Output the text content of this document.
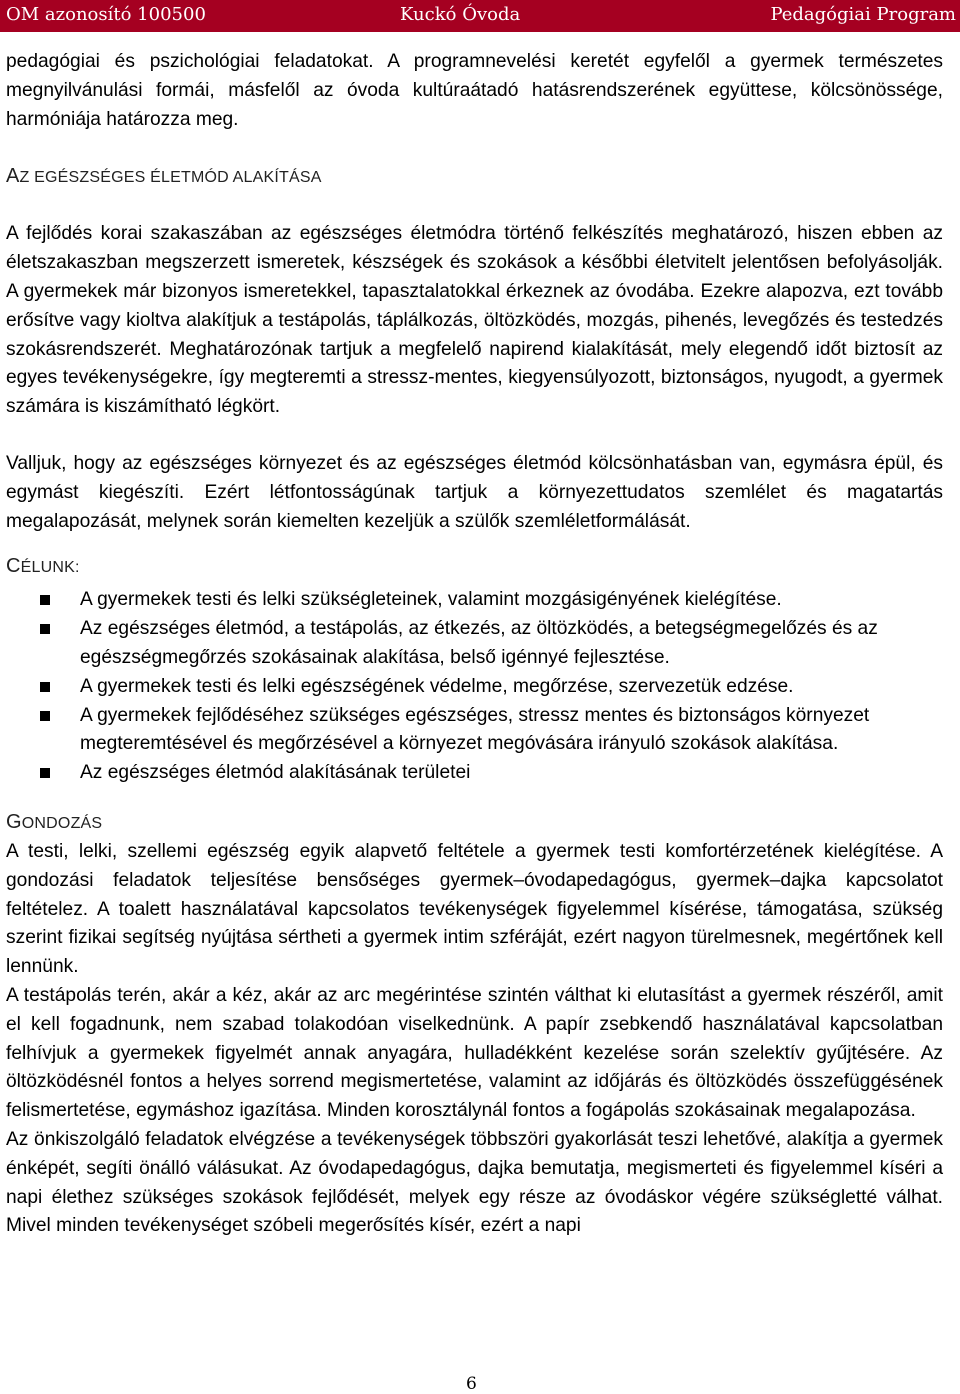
OM azonosító 100500	Kuckó Óvoda	Pedagógiai Program

pedagógiai és pszichológiai feladatokat. A programnevelési keretét egyfelől a gyermek természetes megnyilvánulási formái, másfelől az óvoda kultúraátadó hatásrendszerének együttese, kölcsönössége, harmóniája határozza meg.

AZ EGÉSZSÉGES ÉLETMÓD ALAKÍTÁSA

A fejlődés korai szakaszában az egészséges életmódra történő felkészítés meghatározó, hiszen ebben az életszakaszban megszerzett ismeretek, készségek és szokások a későbbi életvitelt jelentősen befolyásolják. A gyermekek már bizonyos ismeretekkel, tapasztalatokkal érkeznek az óvodába. Ezekre alapozva, ezt tovább erősítve vagy kioltva alakítjuk a testápolás, táplálkozás, öltözködés, mozgás, pihenés, levegőzés és testedzés szokásrendszerét. Meghatározónak tartjuk a megfelelő napirend kialakítását, mely elegendő időt biztosít az egyes tevékenységekre, így megteremti a stressz-mentes, kiegyensúlyozott, biztonságos, nyugodt, a gyermek számára is kiszámítható légkört.

Valljuk, hogy az egészséges környezet és az egészséges életmód kölcsönhatásban van, egymásra épül, és egymást kiegészíti. Ezért létfontosságúnak tartjuk a környezettudatos szemlélet és magatartás megalapozását, melynek során kiemelten kezeljük a szülők szemléletformálását.

CÉLUNK:

A gyermekek testi és lelki szükségleteinek, valamint mozgásigényének kielégítése.
Az egészséges életmód, a testápolás, az étkezés, az öltözködés, a betegségmegelőzés és az egészségmegőrzés szokásainak alakítása, belső igénnyé fejlesztése.
A gyermekek testi és lelki egészségének védelme, megőrzése, szervezetük edzése.
A gyermekek fejlődéséhez szükséges egészséges, stressz mentes és biztonságos környezet megteremtésével és megőrzésével a környezet megóvására irányuló szokások alakítása.
Az egészséges életmód alakításának területei

GONDOZÁS

A testi, lelki, szellemi egészség egyik alapvető feltétele a gyermek testi komfortérzetének kielégítése. A gondozási feladatok teljesítése bensőséges gyermek–óvodapedagógus, gyermek–dajka kapcsolatot feltételez. A toalett használatával kapcsolatos tevékenységek figyelemmel kísérése, támogatása, szükség szerint fizikai segítség nyújtása sértheti a gyermek intim szféráját, ezért nagyon türelmesnek, megértőnek kell lennünk.

A testápolás terén, akár a kéz, akár az arc megérintése szintén válthat ki elutasítást a gyermek részéről, amit el kell fogadnunk, nem szabad tolakodóan viselkednünk. A papír zsebkendő használatával kapcsolatban felhívjuk a gyermekek figyelmét annak anyagára, hulladékként kezelése során szelektív gyűjtésére. Az öltözködésnél fontos a helyes sorrend megismertetése, valamint az időjárás és öltözködés összefüggésének felismertetése, egymáshoz igazítása. Minden korosztálynál fontos a fogápolás szokásainak megalapozása.

Az önkiszolgáló feladatok elvégzése a tevékenységek többszöri gyakorlását teszi lehetővé, alakítja a gyermek énképét, segíti önálló válásukat. Az óvodapedagógus, dajka bemutatja, megismerteti és figyelemmel kíséri a napi élethez szükséges szokások fejlődését, melyek egy része az óvodáskor végére szükségletté válhat. Mivel minden tevékenységet szóbeli megerősítés kísér, ezért a napi

6
